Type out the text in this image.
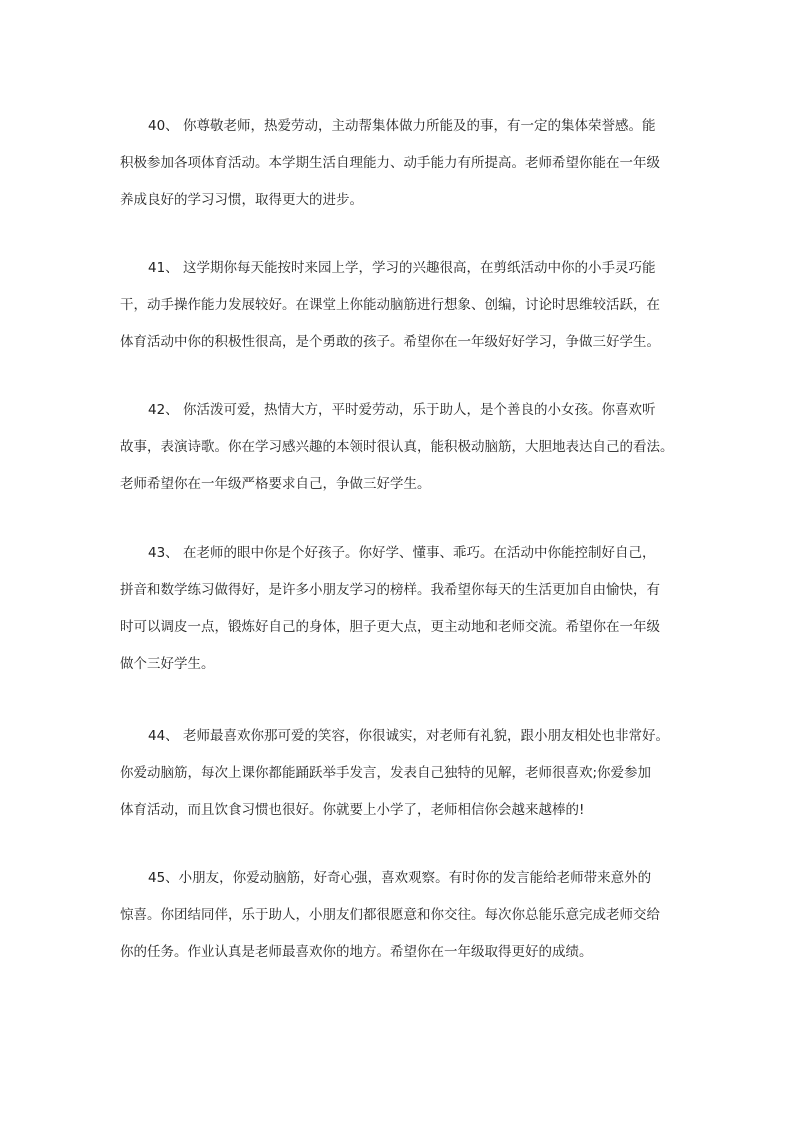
40、 你尊敬老师，热爱劳动，主动帮集体做力所能及的事，有一定的集体荣誉感。能
积极参加各项体育活动。本学期生活自理能力、动手能力有所提高。老师希望你能在一年级
养成良好的学习习惯，取得更大的进步。
41、 这学期你每天能按时来园上学，学习的兴趣很高，在剪纸活动中你的小手灵巧能
干，动手操作能力发展较好。在课堂上你能动脑筋进行想象、创编，讨论时思维较活跃，在
体育活动中你的积极性很高，是个勇敢的孩子。希望你在一年级好好学习，争做三好学生。
42、 你活泼可爱，热情大方，平时爱劳动，乐于助人，是个善良的小女孩。你喜欢听
故事，表演诗歌。你在学习感兴趣的本领时很认真，能积极动脑筋，大胆地表达自己的看法。
老师希望你在一年级严格要求自己，争做三好学生。
43、 在老师的眼中你是个好孩子。你好学、懂事、乖巧。在活动中你能控制好自己，
拼音和数学练习做得好，是许多小朋友学习的榜样。我希望你每天的生活更加自由愉快，有
时可以调皮一点，锻炼好自己的身体，胆子更大点，更主动地和老师交流。希望你在一年级
做个三好学生。
44、 老师最喜欢你那可爱的笑容，你很诚实，对老师有礼貌，跟小朋友相处也非常好。
你爱动脑筋，每次上课你都能踊跃举手发言，发表自己独特的见解，老师很喜欢;你爱参加
体育活动，而且饮食习惯也很好。你就要上小学了，老师相信你会越来越棒的!
45、小朋友，你爱动脑筋，好奇心强，喜欢观察。有时你的发言能给老师带来意外的
惊喜。你团结同伴，乐于助人，小朋友们都很愿意和你交往。每次你总能乐意完成老师交给
你的任务。作业认真是老师最喜欢你的地方。希望你在一年级取得更好的成绩。
